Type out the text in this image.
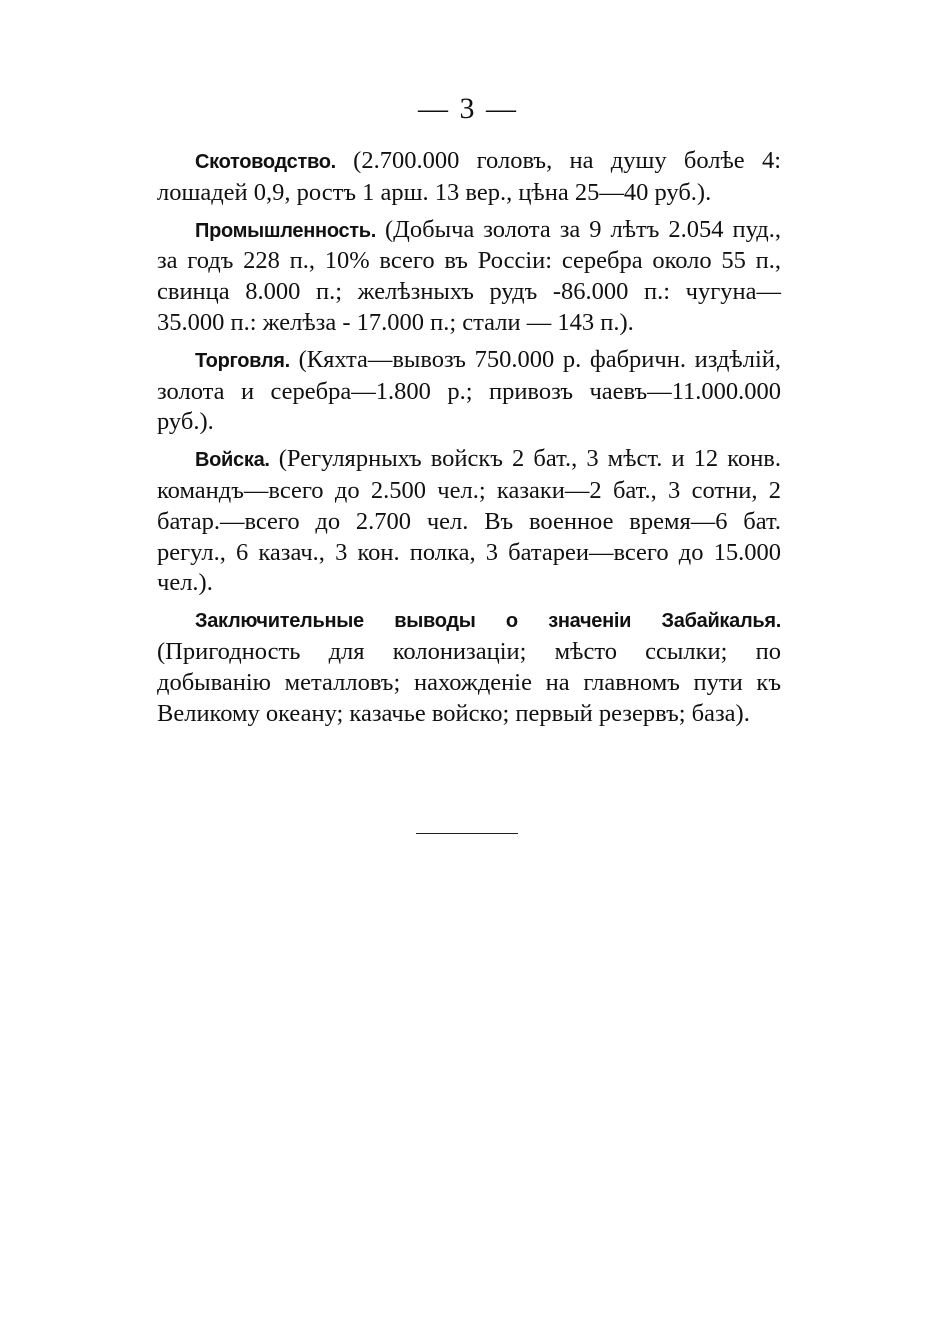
— 3 —

Скотоводство. (2.700.000 головъ, на душу болѣе 4: лошадей 0,9, ростъ 1 арш. 13 вер., цѣна 25—40 руб.).

Промышленность. (Добыча золота за 9 лѣтъ 2.054 пуд., за годъ 228 п., 10% всего въ Россіи: серебра около 55 п., свинца 8.000 п.; желѣзныхъ рудъ -86.000 п.: чугуна—35.000 п.: желѣза - 17.000 п.; стали — 143 п.).

Торговля. (Кяхта—вывозъ 750.000 р. фабричн. издѣлій, золота и серебра—1.800 р.; привозъ чаевъ—11.000.000 руб.).

Войска. (Регулярныхъ войскъ 2 бат., 3 мѣст. и 12 конв. командъ—всего до 2.500 чел.; казаки—2 бат., 3 сотни, 2 батар.—всего до 2.700 чел. Въ военное время—6 бат. регул., 6 казач., 3 кон. полка, 3 батареи—всего до 15.000 чел.).

Заключительные выводы о значеніи Забайкалья. (Пригодность для колонизаціи; мѣсто ссылки; по добыванію металловъ; нахожденіе на главномъ пути къ Великому океану; казачье войско; первый резервъ; база).
